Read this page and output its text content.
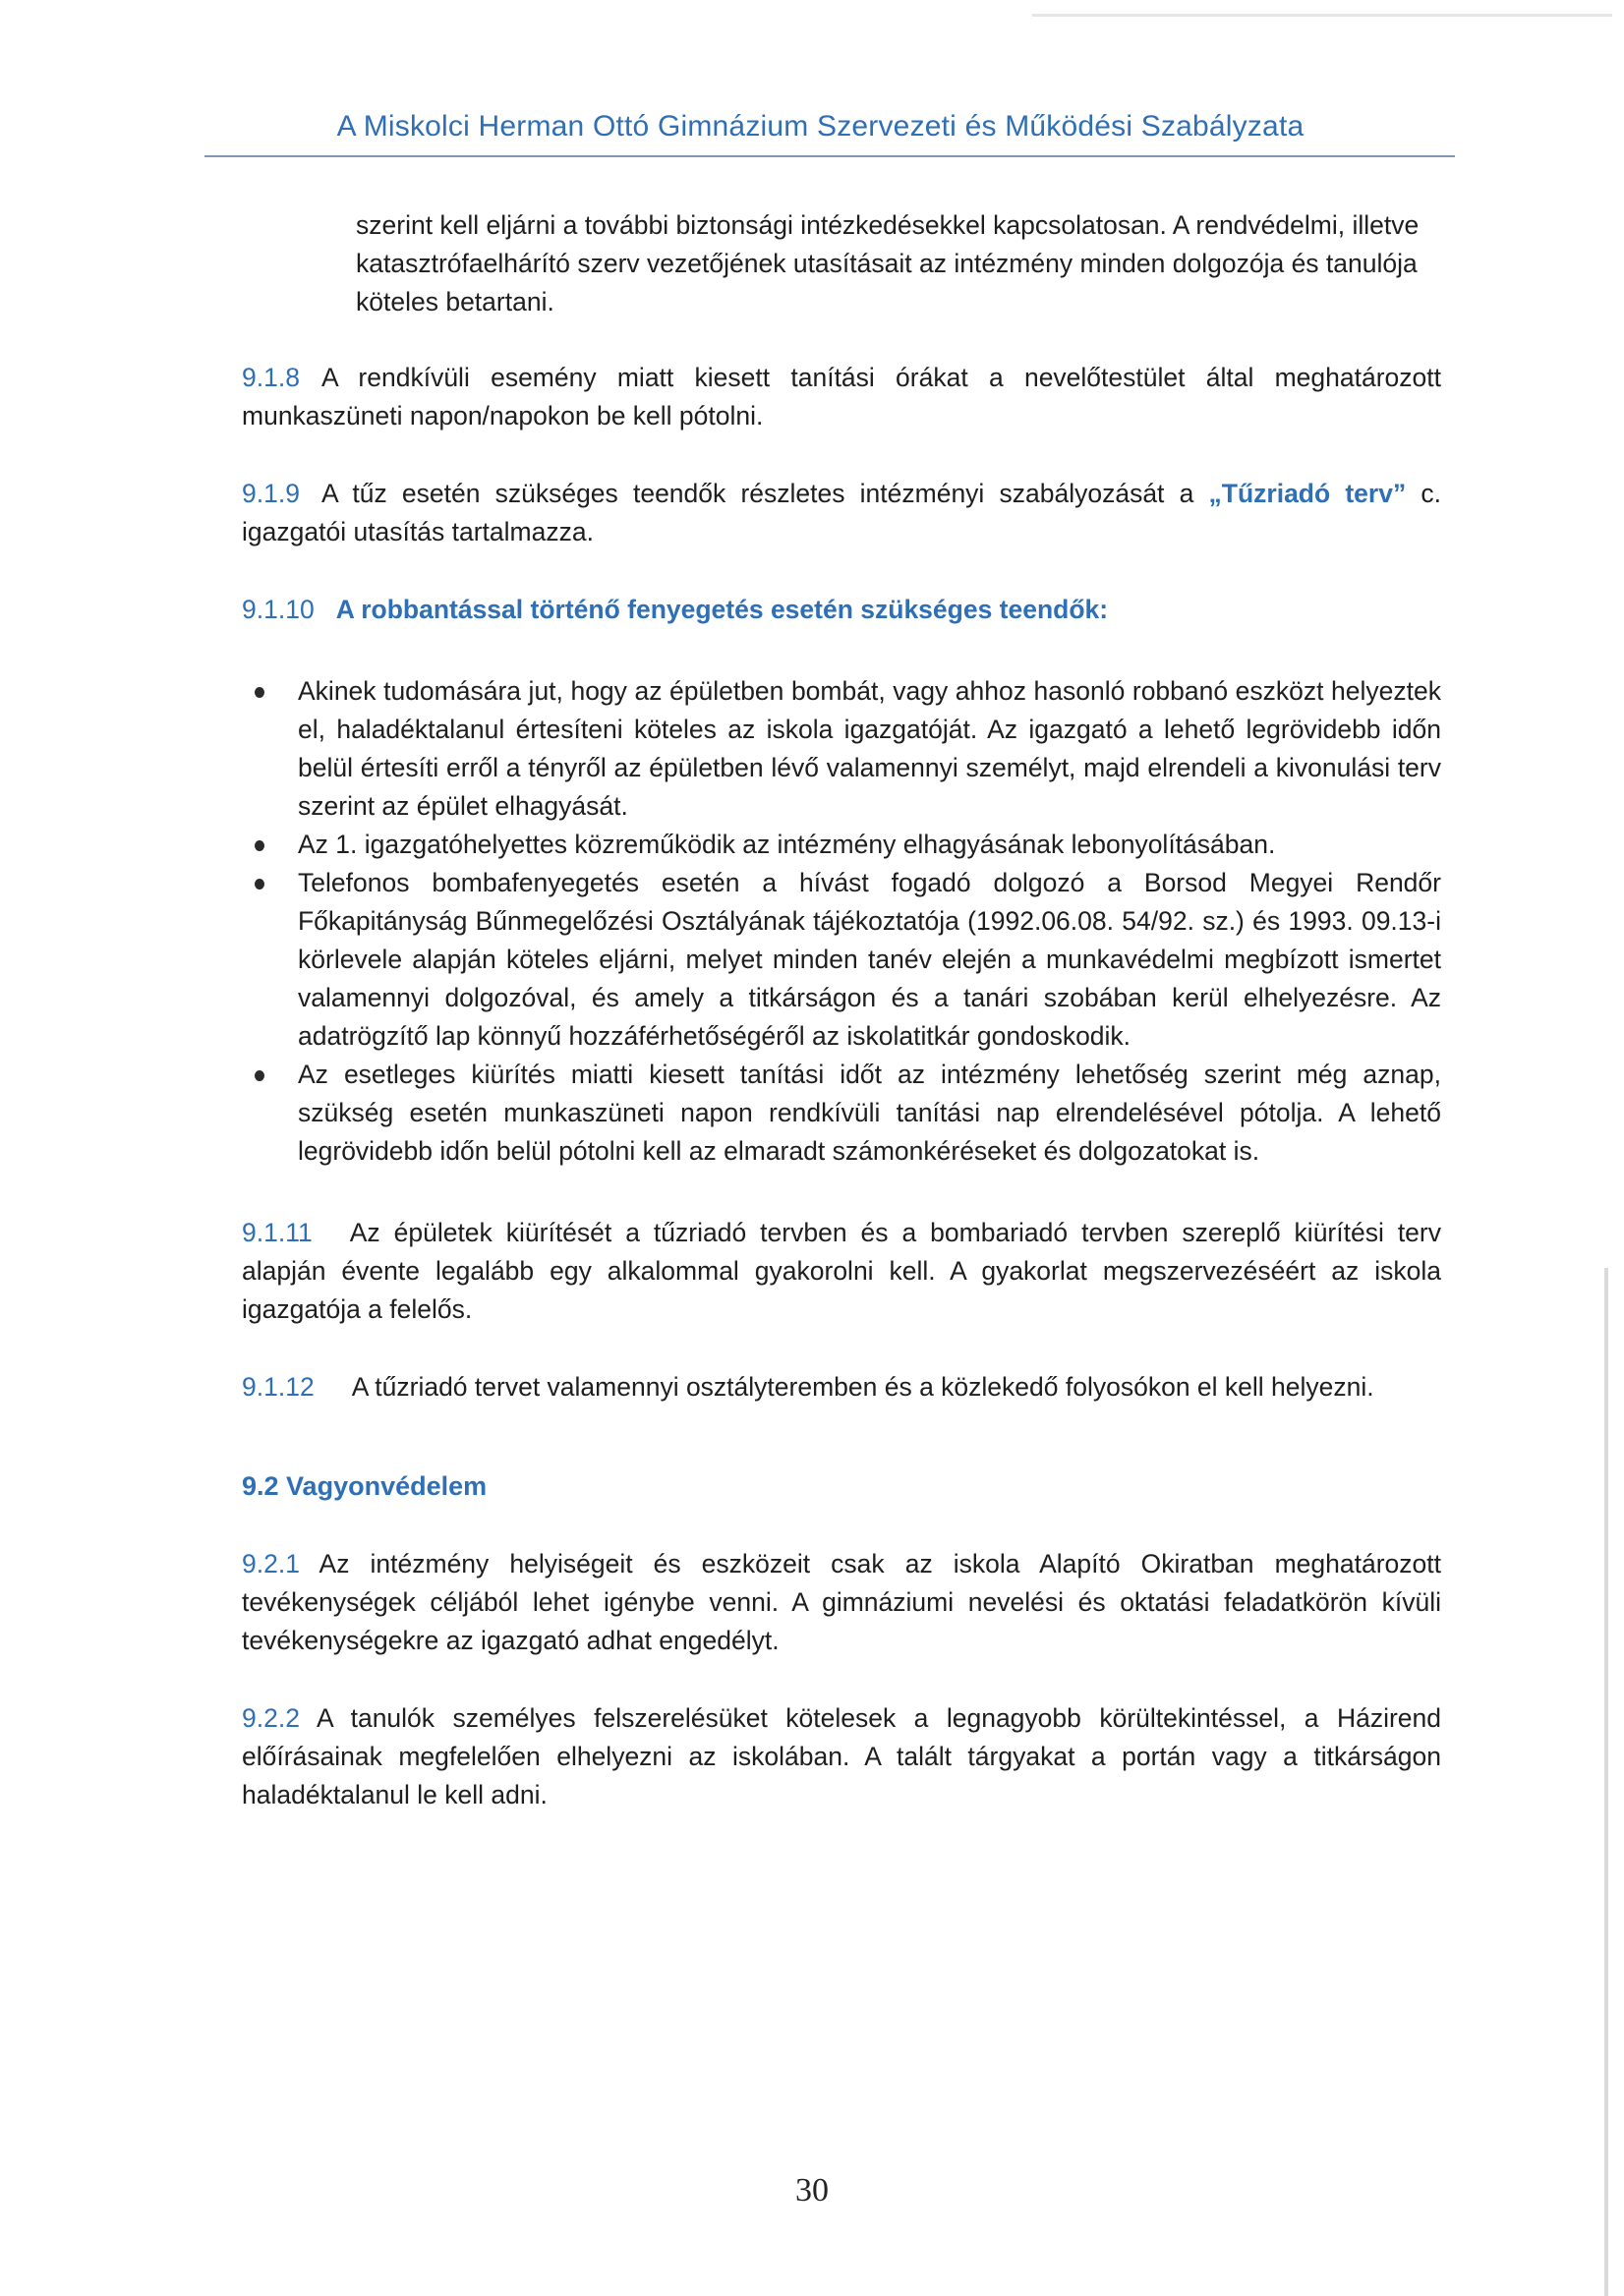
A Miskolci Herman Ottó Gimnázium Szervezeti és Működési Szabályzata

szerint kell eljárni a további biztonsági intézkedésekkel kapcsolatosan. A rendvédelmi, illetve katasztrófaelhárító szerv vezetőjének utasításait az intézmény minden dolgozója és tanulója köteles betartani.

9.1.8 A rendkívüli esemény miatt kiesett tanítási órákat a nevelőtestület által meghatározott munkaszüneti napon/napokon be kell pótolni.

9.1.9 A tűz esetén szükséges teendők részletes intézményi szabályozását a „Tűzriadó terv” c. igazgatói utasítás tartalmazza.

9.1.10 A robbantással történő fenyegetés esetén szükséges teendők:

Akinek tudomására jut, hogy az épületben bombát, vagy ahhoz hasonló robbanó eszközt helyeztek el, haladéktalanul értesíteni köteles az iskola igazgatóját. Az igazgató a lehető legrövidebb időn belül értesíti erről a tényről az épületben lévő valamennyi személyt, majd elrendeli a kivonulási terv szerint az épület elhagyását.
Az 1. igazgatóhelyettes közreműködik az intézmény elhagyásának lebonyolításában.
Telefonos bombafenyegetés esetén a hívást fogadó dolgozó a Borsod Megyei Rendőr Főkapitányság Bűnmegelőzési Osztályának tájékoztatója (1992.06.08. 54/92. sz.) és 1993. 09.13-i körlevele alapján köteles eljárni, melyet minden tanév elején a munkavédelmi megbízott ismertet valamennyi dolgozóval, és amely a titkárságon és a tanári szobában kerül elhelyezésre. Az adatrögzítő lap könnyű hozzáférhetőségéről az iskolatitkár gondoskodik.
Az esetleges kiürítés miatti kiesett tanítási időt az intézmény lehetőség szerint még aznap, szükség esetén munkaszüneti napon rendkívüli tanítási nap elrendelésével pótolja. A lehető legrövidebb időn belül pótolni kell az elmaradt számonkéréseket és dolgozatokat is.

9.1.11 Az épületek kiürítését a tűzriadó tervben és a bombariadó tervben szereplő kiürítési terv alapján évente legalább egy alkalommal gyakorolni kell. A gyakorlat megszervezéséért az iskola igazgatója a felelős.

9.1.12 A tűzriadó tervet valamennyi osztályteremben és a közlekedő folyosókon el kell helyezni.

9.2 Vagyonvédelem

9.2.1 Az intézmény helyiségeit és eszközeit csak az iskola Alapító Okiratban meghatározott tevékenységek céljából lehet igénybe venni. A gimnáziumi nevelési és oktatási feladatkörön kívüli tevékenységekre az igazgató adhat engedélyt.

9.2.2 A tanulók személyes felszerelésüket kötelesek a legnagyobb körültekintéssel, a Házirend előírásainak megfelelően elhelyezni az iskolában. A talált tárgyakat a portán vagy a titkárságon haladéktalanul le kell adni.

30
